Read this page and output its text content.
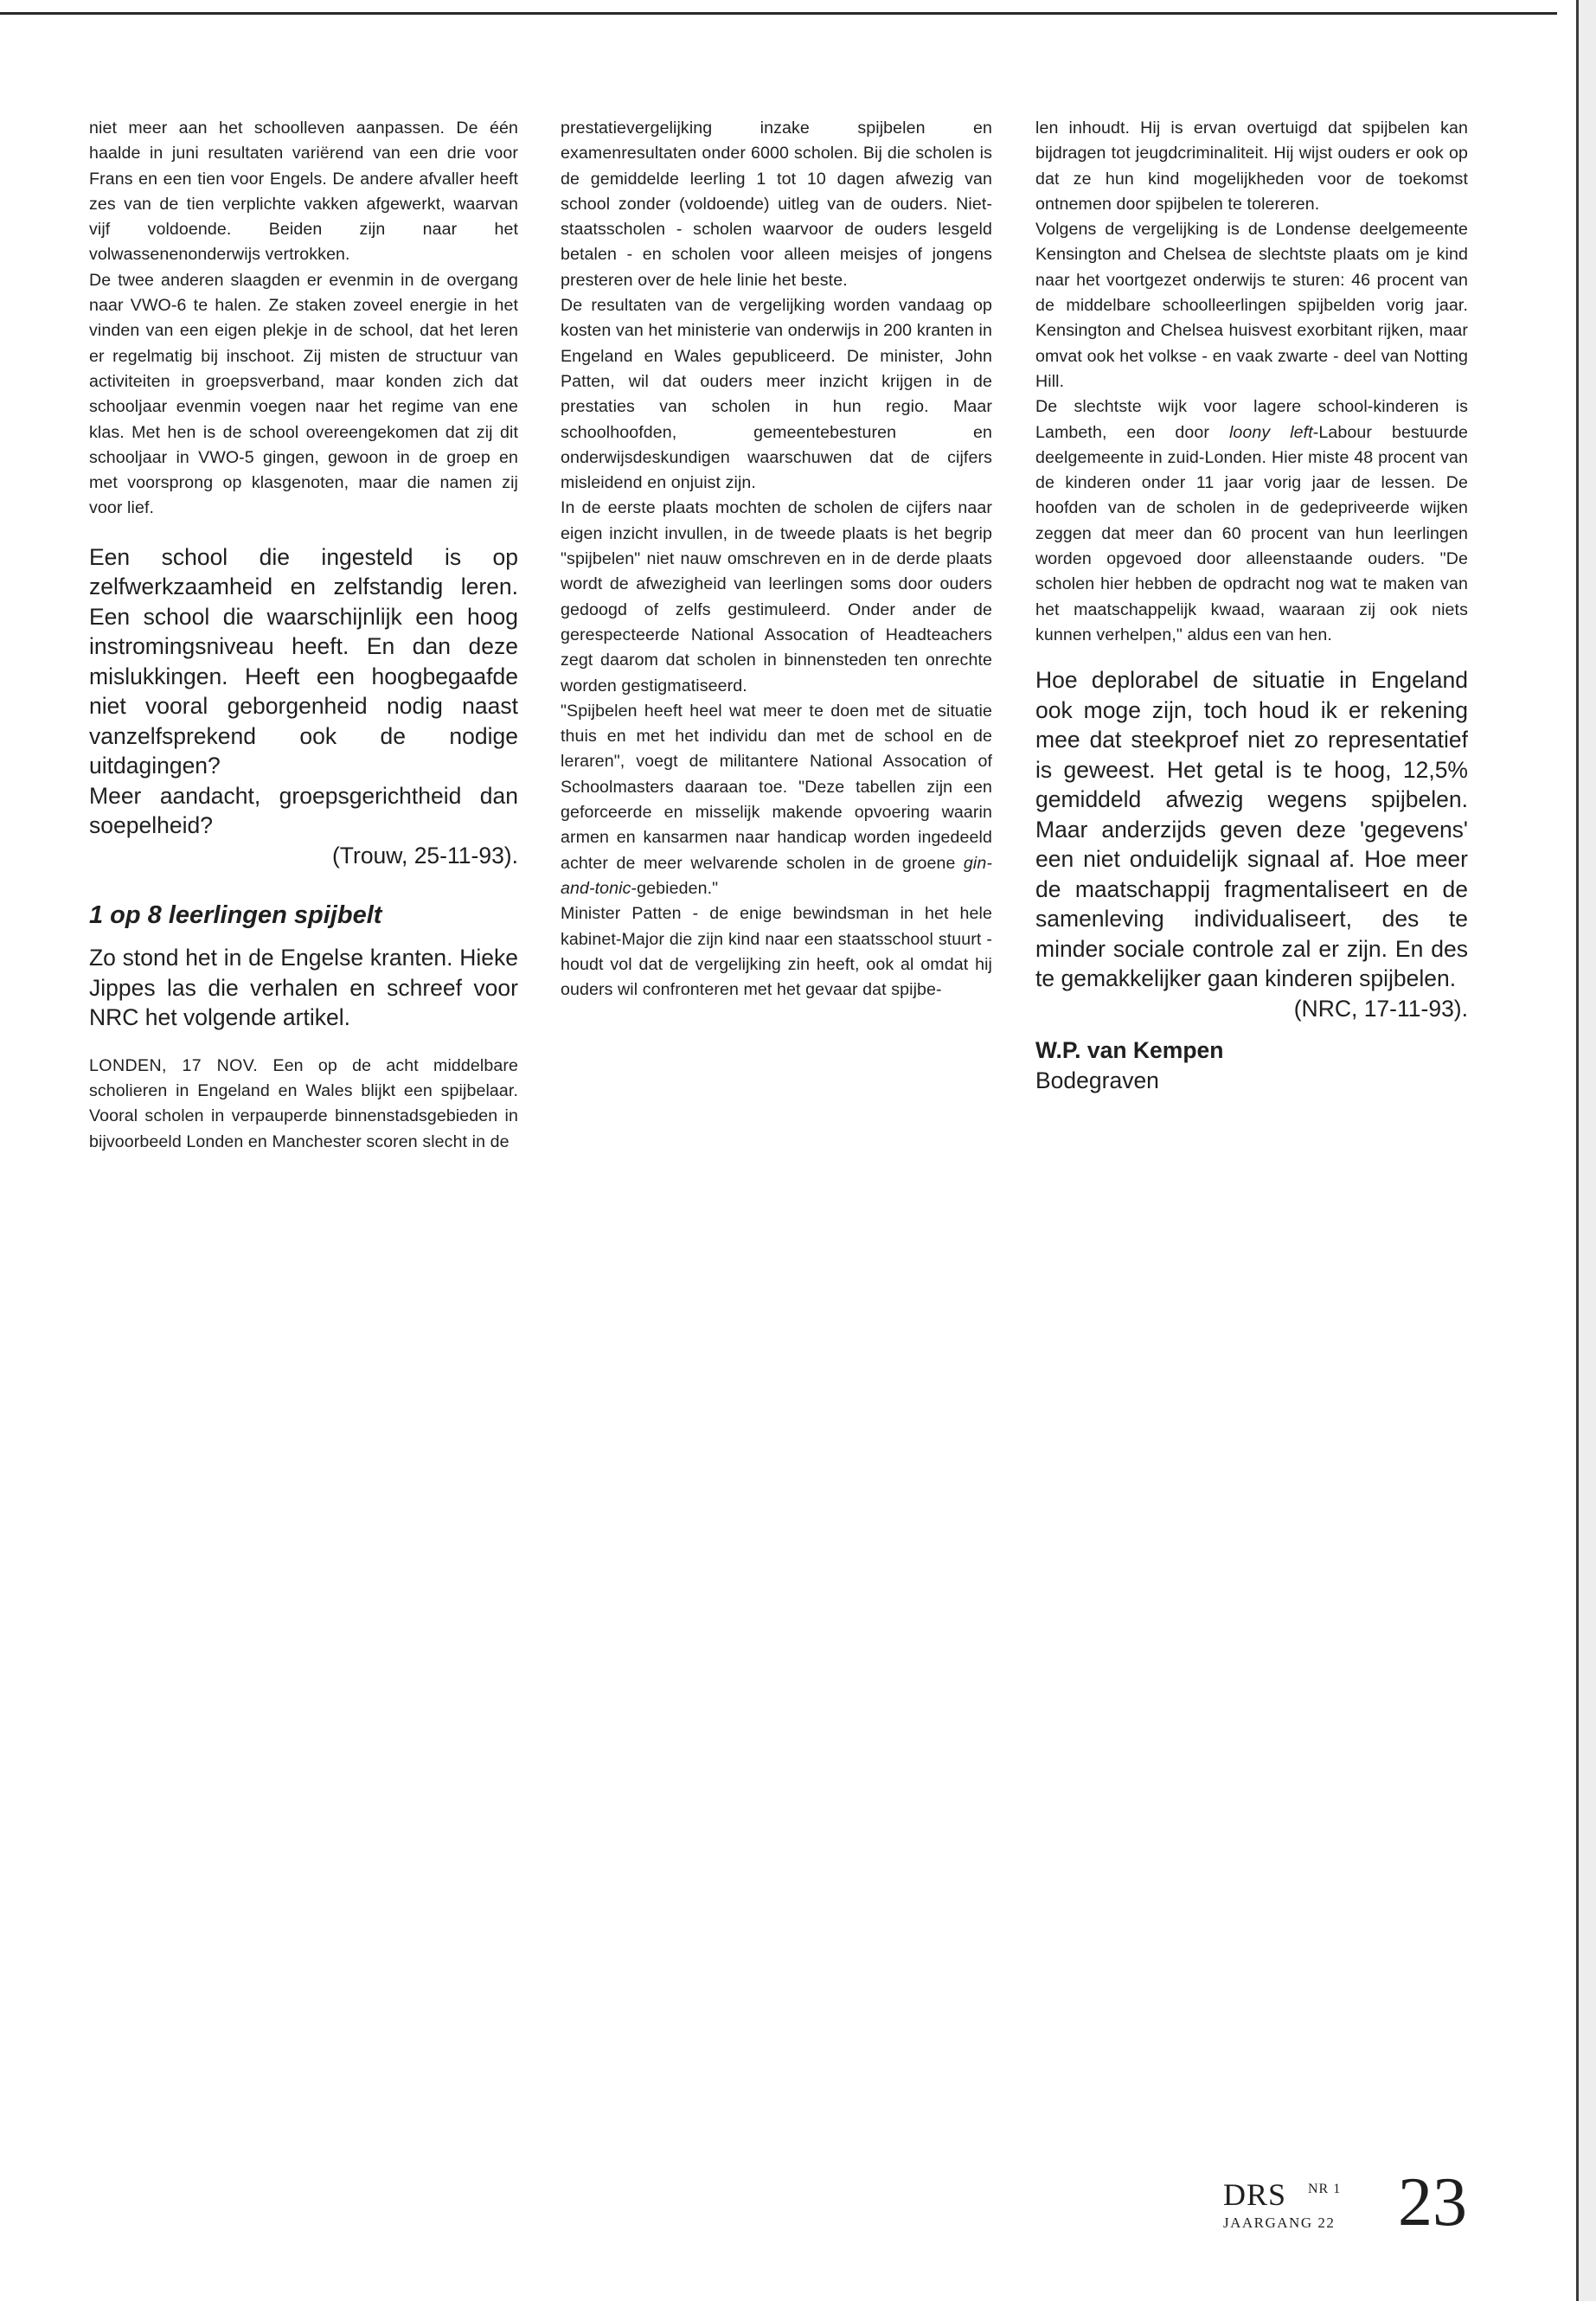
niet meer aan het schoolleven aanpassen. De één haalde in juni resultaten variërend van een drie voor Frans en een tien voor Engels. De andere afvaller heeft zes van de tien verplichte vakken afgewerkt, waarvan vijf voldoende. Beiden zijn naar het volwassenenonderwijs vertrokken.

De twee anderen slaagden er evenmin in de overgang naar VWO-6 te halen. Ze staken zoveel energie in het vinden van een eigen plekje in de school, dat het leren er regelmatig bij inschoot. Zij misten de structuur van activiteiten in groepsverband, maar konden zich dat schooljaar evenmin voegen naar het regime van ene klas. Met hen is de school overeengekomen dat zij dit schooljaar in VWO-5 gingen, gewoon in de groep en met voorsprong op klasgenoten, maar die namen zij voor lief.

Een school die ingesteld is op zelfwerkzaamheid en zelfstandig leren. Een school die waarschijnlijk een hoog instromingsniveau heeft. En dan deze mislukkingen. Heeft een hoogbegaafde niet vooral geborgenheid nodig naast vanzelfsprekend ook de nodige uitdagingen?

Meer aandacht, groepsgerichtheid dan soepelheid?

(Trouw, 25-11-93).

1 op 8 leerlingen spijbelt

Zo stond het in de Engelse kranten. Hieke Jippes las die verhalen en schreef voor NRC het volgende artikel.

LONDEN, 17 NOV. Een op de acht middelbare scholieren in Engeland en Wales blijkt een spijbelaar. Vooral scholen in verpauperde binnenstadsgebieden in bijvoorbeeld Londen en Manchester scoren slecht in de

prestatievergelijking inzake spijbelen en examenresultaten onder 6000 scholen. Bij die scholen is de gemiddelde leerling 1 tot 10 dagen afwezig van school zonder (voldoende) uitleg van de ouders. Niet-staatsscholen - scholen waarvoor de ouders lesgeld betalen - en scholen voor alleen meisjes of jongens presteren over de hele linie het beste.

De resultaten van de vergelijking worden vandaag op kosten van het ministerie van onderwijs in 200 kranten in Engeland en Wales gepubliceerd. De minister, John Patten, wil dat ouders meer inzicht krijgen in de prestaties van scholen in hun regio. Maar schoolhoofden, gemeentebesturen en onderwijsdeskundigen waarschuwen dat de cijfers misleidend en onjuist zijn.

In de eerste plaats mochten de scholen de cijfers naar eigen inzicht invullen, in de tweede plaats is het begrip "spijbelen" niet nauw omschreven en in de derde plaats wordt de afwezigheid van leerlingen soms door ouders gedoogd of zelfs gestimuleerd. Onder ander de gerespecteerde National Assocation of Headteachers zegt daarom dat scholen in binnensteden ten onrechte worden gestigmatiseerd.

"Spijbelen heeft heel wat meer te doen met de situatie thuis en met het individu dan met de school en de leraren", voegt de militantere National Assocation of Schoolmasters daaraan toe. "Deze tabellen zijn een geforceerde en misselijk makende opvoering waarin armen en kansarmen naar handicap worden ingedeeld achter de meer welvarende scholen in de groene gin-and-tonic-gebieden."

Minister Patten - de enige bewindsman in het hele kabinet-Major die zijn kind naar een staatsschool stuurt - houdt vol dat de vergelijking zin heeft, ook al omdat hij ouders wil confronteren met het gevaar dat spijbe-

len inhoudt. Hij is ervan overtuigd dat spijbelen kan bijdragen tot jeugdcriminaliteit. Hij wijst ouders er ook op dat ze hun kind mogelijkheden voor de toekomst ontnemen door spijbelen te tolereren.

Volgens de vergelijking is de Londense deelgemeente Kensington and Chelsea de slechtste plaats om je kind naar het voortgezet onderwijs te sturen: 46 procent van de middelbare schoolleerlingen spijbelden vorig jaar. Kensington and Chelsea huisvest exorbitant rijken, maar omvat ook het volkse - en vaak zwarte - deel van Notting Hill.

De slechtste wijk voor lagere school-kinderen is Lambeth, een door loony left-Labour bestuurde deelgemeente in zuid-Londen. Hier miste 48 procent van de kinderen onder 11 jaar vorig jaar de lessen. De hoofden van de scholen in de gedepriveerde wijken zeggen dat meer dan 60 procent van hun leerlingen worden opgevoed door alleenstaande ouders. "De scholen hier hebben de opdracht nog wat te maken van het maatschappelijk kwaad, waaraan zij ook niets kunnen verhelpen," aldus een van hen.

Hoe deplorabel de situatie in Engeland ook moge zijn, toch houd ik er rekening mee dat steekproef niet zo representatief is geweest. Het getal is te hoog, 12,5% gemiddeld afwezig wegens spijbelen. Maar anderzijds geven deze 'gegevens' een niet onduidelijk signaal af. Hoe meer de maatschappij fragmentaliseert en de samenleving individualiseert, des te minder sociale controle zal er zijn. En des te gemakkelijker gaan kinderen spijbelen.

(NRC, 17-11-93).

W.P. van Kempen

Bodegraven

DRS NR 1
JAARGANG 22 23
